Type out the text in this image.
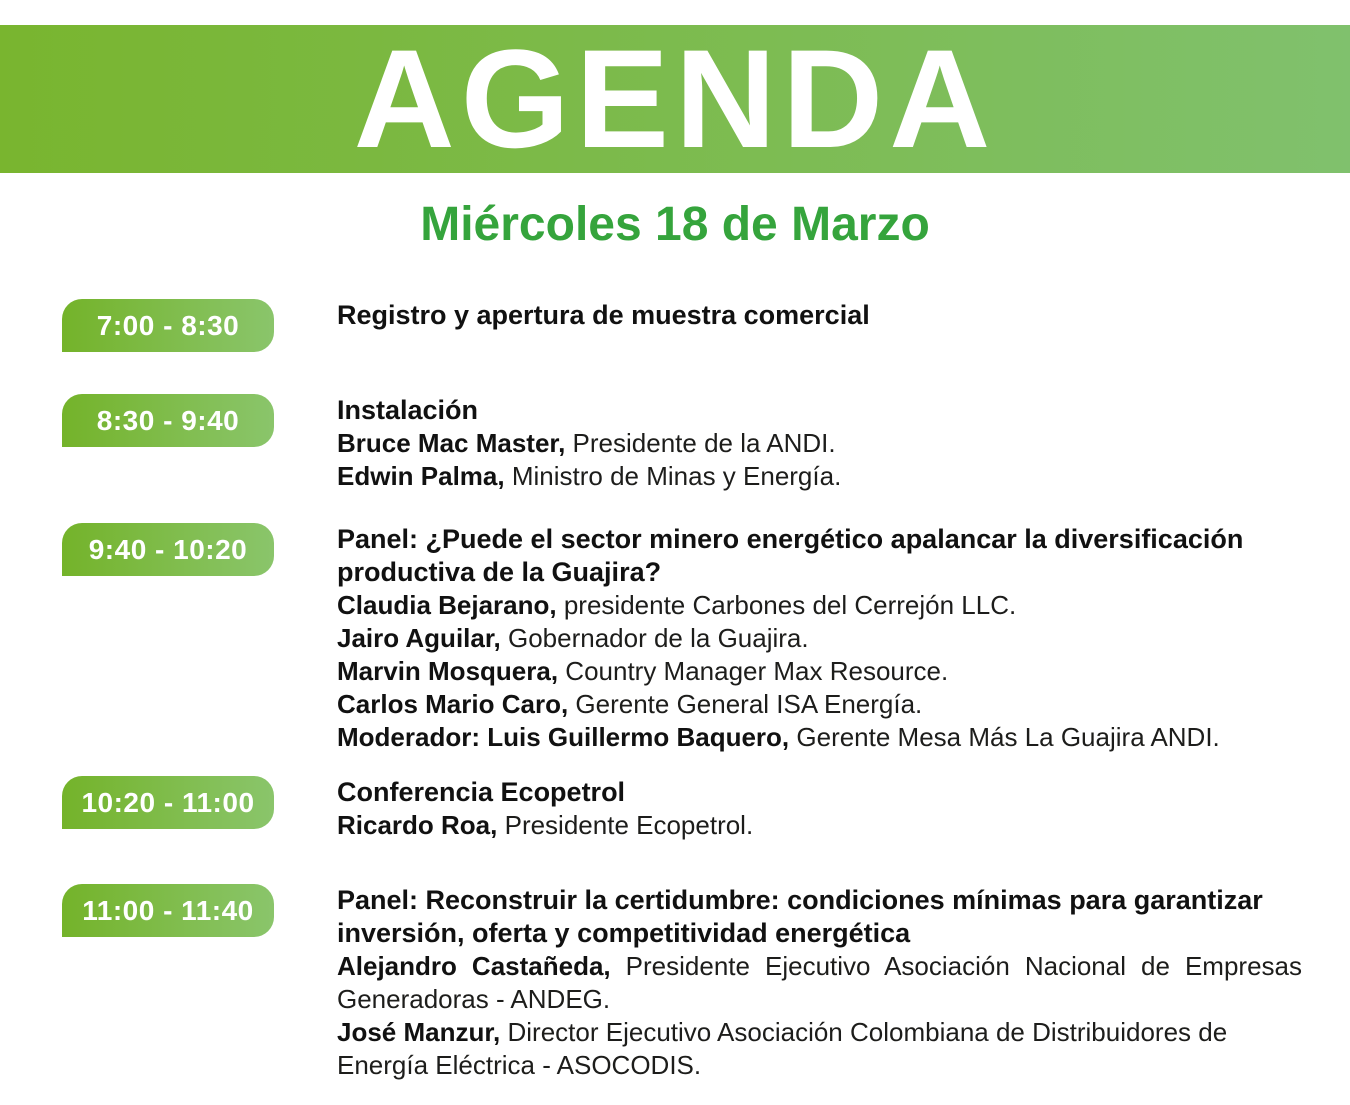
AGENDA
Miércoles 18 de Marzo
7:00 - 8:30	Registro y apertura de muestra comercial
8:30 - 9:40	Instalación

Bruce Mac Master, Presidente de la ANDI.

Edwin Palma, Ministro de Minas y Energía.

9:40 - 10:20	Panel: ¿Puede el sector minero energético apalancar la diversificación productiva de la Guajira?

Claudia Bejarano, presidente Carbones del Cerrejón LLC.

Jairo Aguilar, Gobernador de la Guajira.

Marvin Mosquera, Country Manager Max Resource.

Carlos Mario Caro, Gerente General ISA Energía.

Moderador: Luis Guillermo Baquero, Gerente Mesa Más La Guajira ANDI.

10:20 - 11:00	Conferencia Ecopetrol

Ricardo Roa, Presidente Ecopetrol.

11:00 - 11:40	Panel: Reconstruir la certidumbre: condiciones mínimas para garantizar inversión, oferta y competitividad energética

Alejandro Castañeda, Presidente Ejecutivo Asociación Nacional de Empresas Generadoras - ANDEG.

José Manzur, Director Ejecutivo Asociación Colombiana de Distribuidores de Energía Eléctrica - ASOCODIS.
